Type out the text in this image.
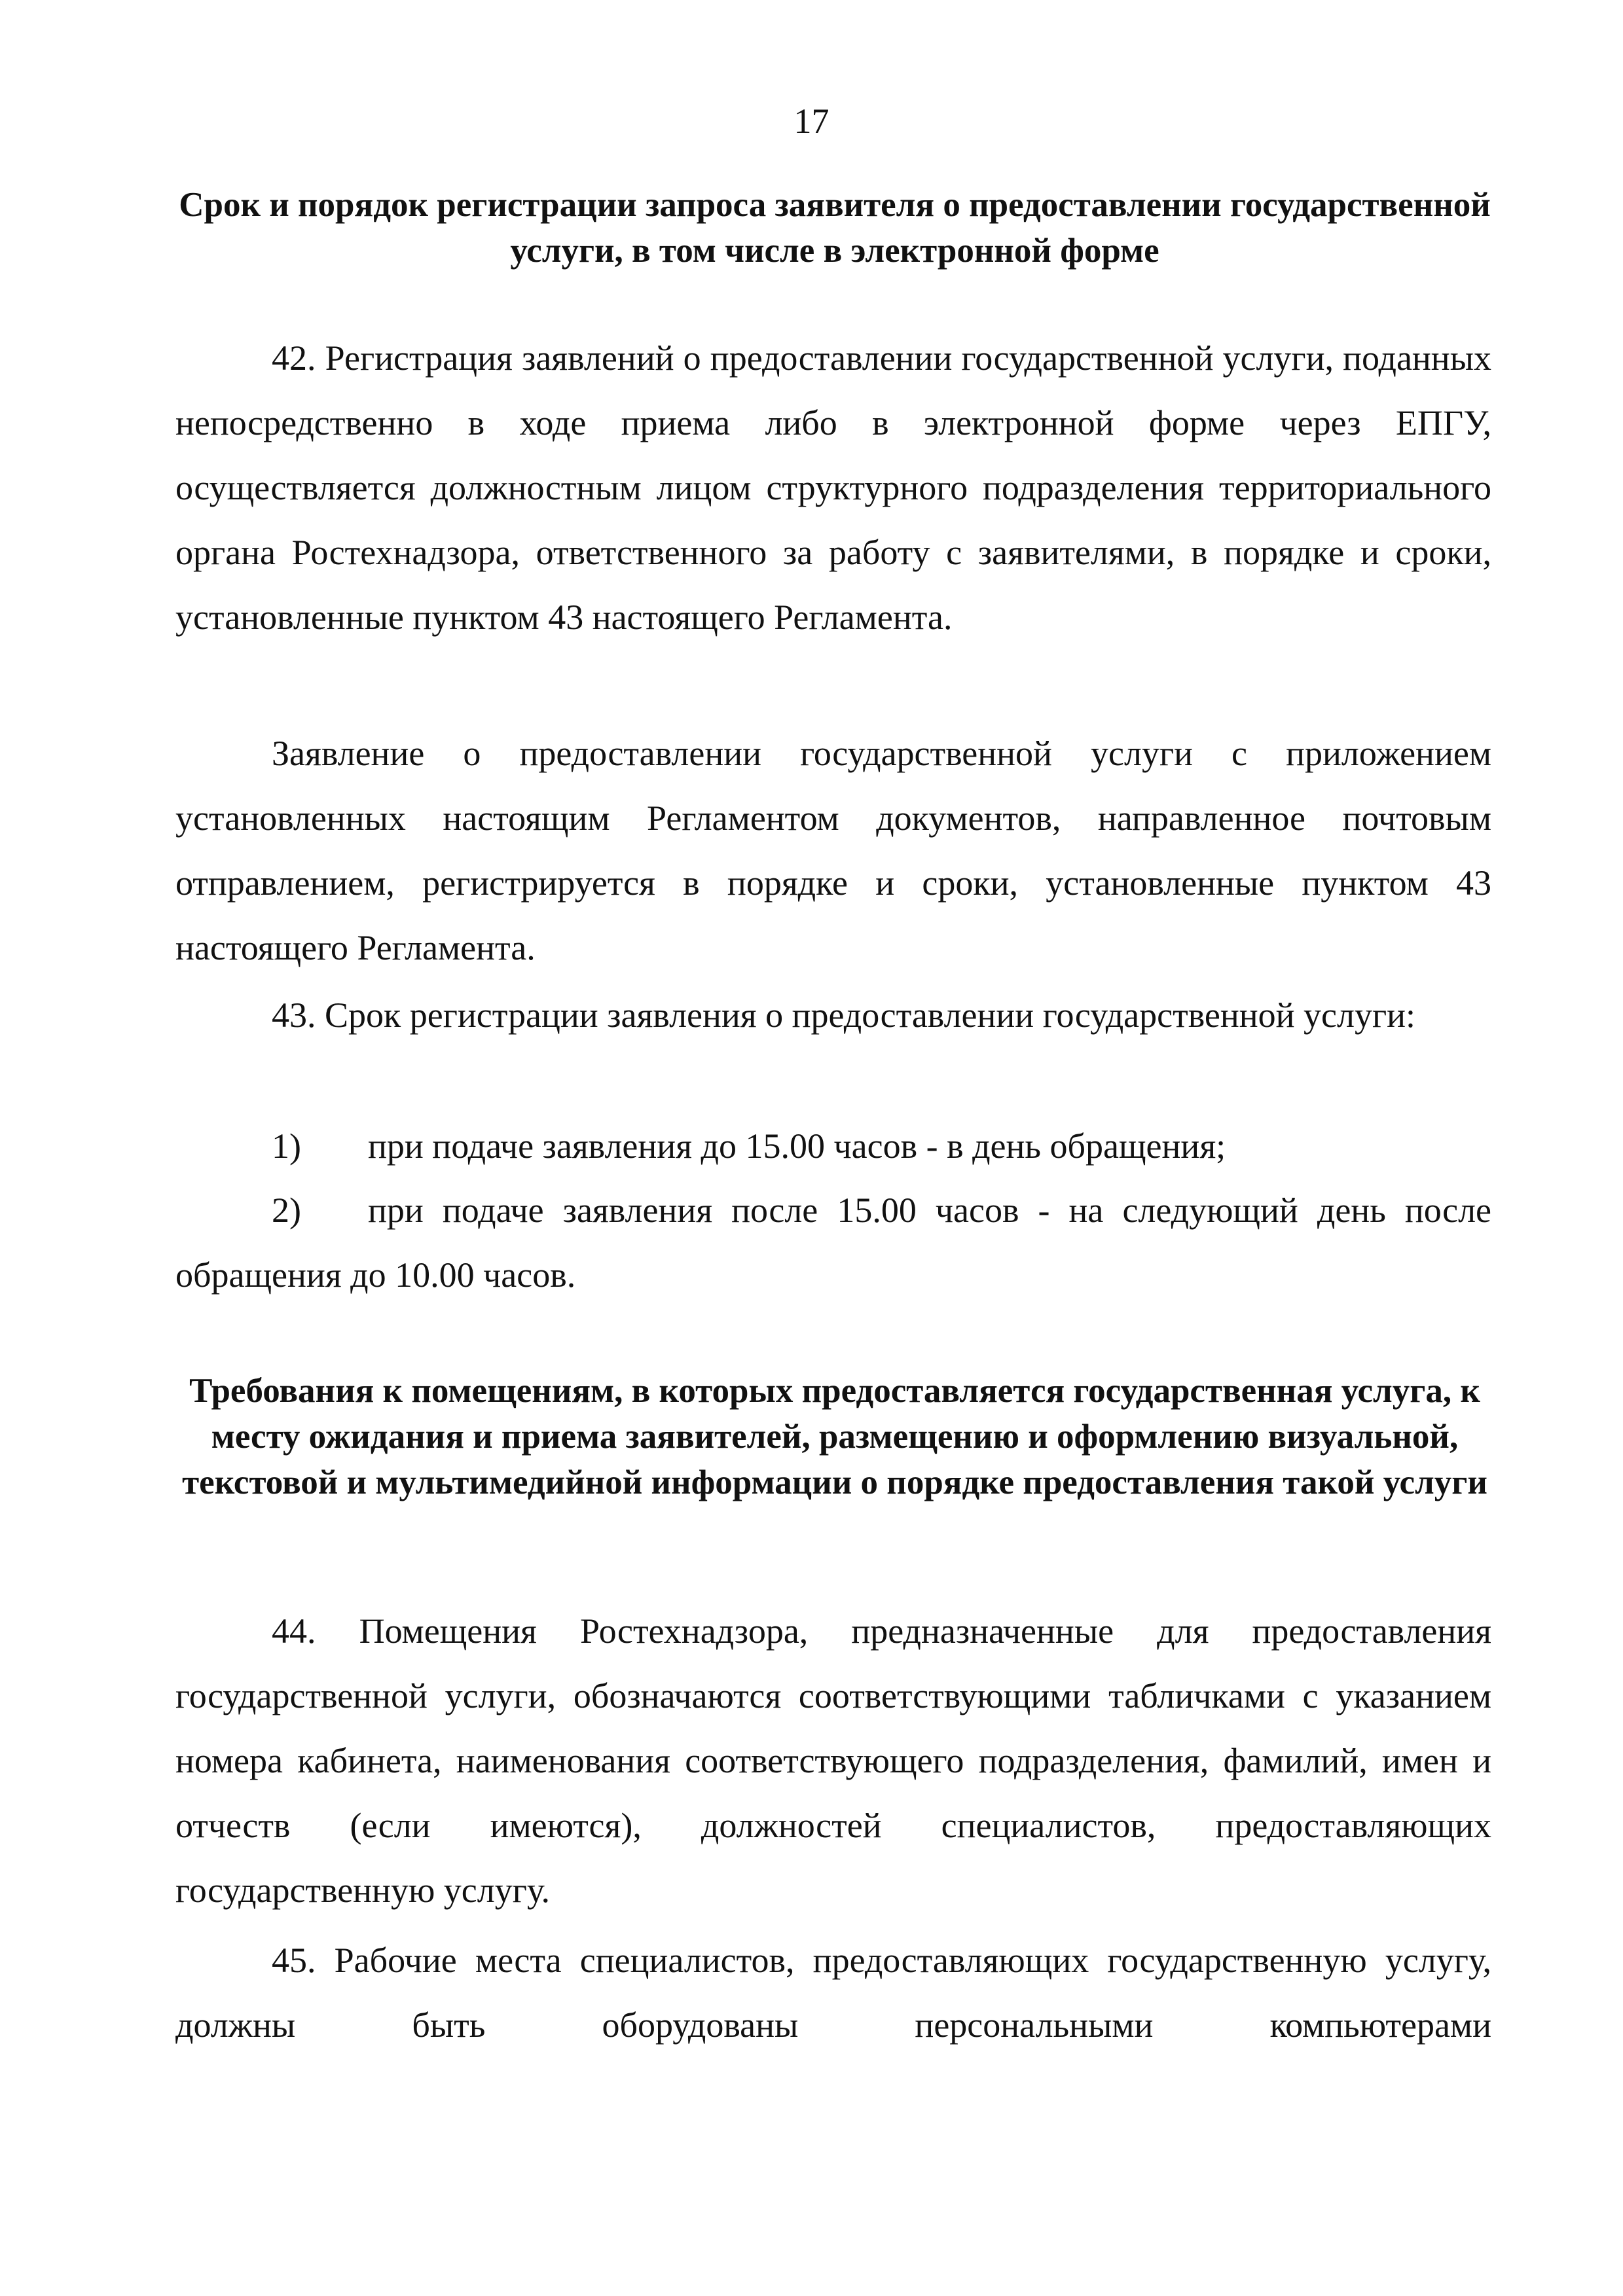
17
Срок и порядок регистрации запроса заявителя о предоставлении государственной услуги, в том числе в электронной форме

42. Регистрация заявлений о предоставлении государственной услуги, поданных непосредственно в ходе приема либо в электронной форме через ЕПГУ, осуществляется должностным лицом структурного подразделения территориального органа Ростехнадзора, ответственного за работу с заявителями, в порядке и сроки, установленные пунктом 43 настоящего Регламента.

Заявление о предоставлении государственной услуги с приложением установленных настоящим Регламентом документов, направленное почтовым отправлением, регистрируется в порядке и сроки, установленные пунктом 43 настоящего Регламента.

43. Срок регистрации заявления о предоставлении государственной услуги:

1) при подаче заявления до 15.00 часов - в день обращения;

2) при подаче заявления после 15.00 часов - на следующий день после обращения до 10.00 часов.

Требования к помещениям, в которых предоставляется государственная услуга, к месту ожидания и приема заявителей, размещению и оформлению визуальной, текстовой и мультимедийной информации о порядке предоставления такой услуги

44. Помещения Ростехнадзора, предназначенные для предоставления государственной услуги, обозначаются соответствующими табличками с указанием номера кабинета, наименования соответствующего подразделения, фамилий, имен и отчеств (если имеются), должностей специалистов, предоставляющих государственную услугу.

45. Рабочие места специалистов, предоставляющих государственную услугу, должны быть оборудованы персональными компьютерами
